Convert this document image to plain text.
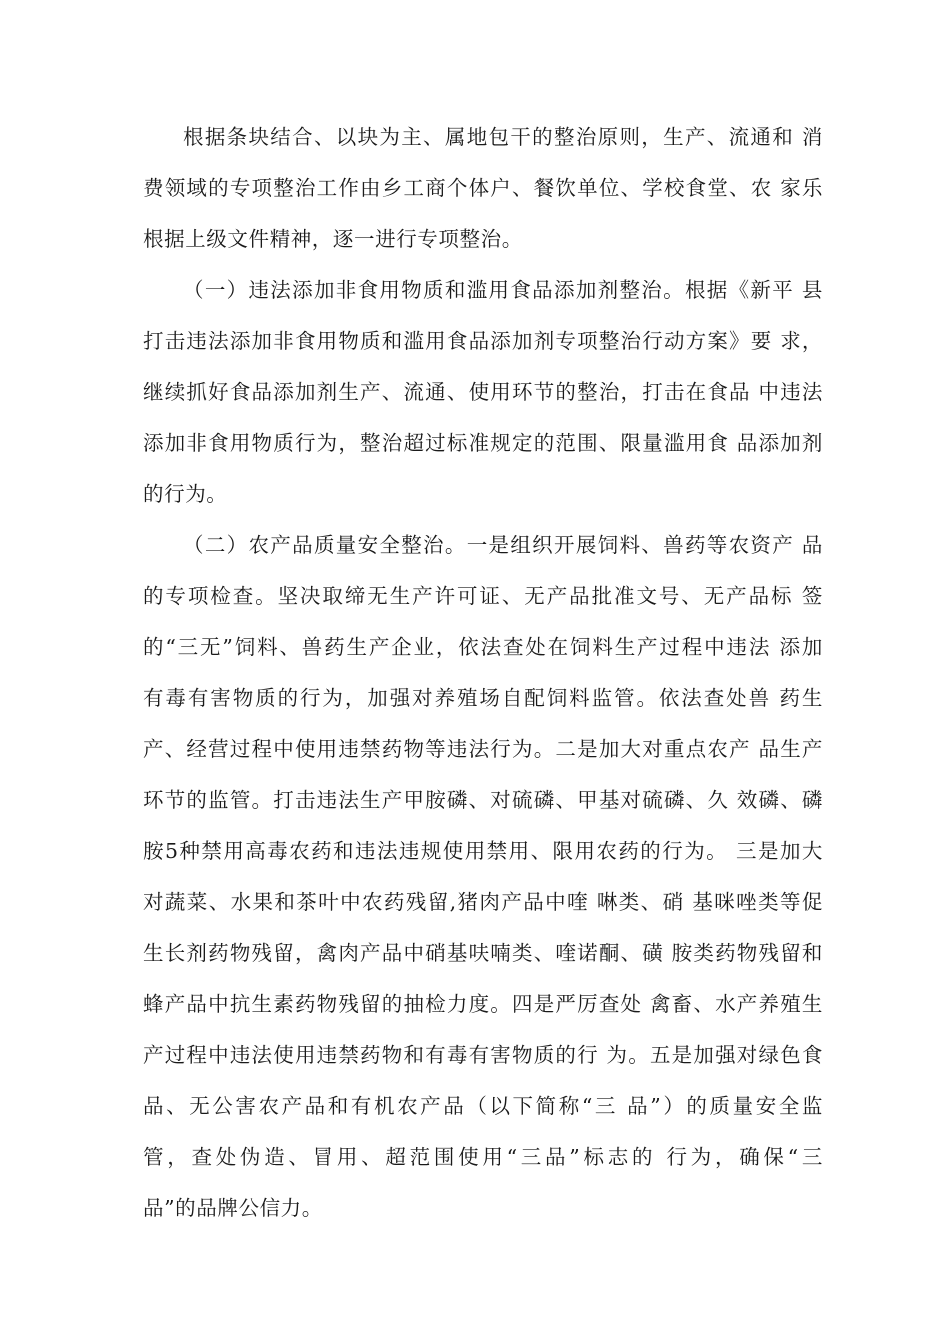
根据条块结合、以块为主、属地包干的整治原则，生产、流通和 消
费领域的专项整治工作由乡工商个体户、餐饮单位、学校食堂、农 家乐
根据上级文件精神，逐一进行专项整治。
（一）违法添加非食用物质和滥用食品添加剂整治。根据《新平 县
打击违法添加非食用物质和滥用食品添加剂专项整治行动方案》要 求，
继续抓好食品添加剂生产、流通、使用环节的整治，打击在食品 中违法
添加非食用物质行为，整治超过标准规定的范围、限量滥用食 品添加剂
的行为。
（二）农产品质量安全整治。一是组织开展饲料、兽药等农资产 品
的专项检查。坚决取缔无生产许可证、无产品批准文号、无产品标 签
的“三无”饲料、兽药生产企业，依法查处在饲料生产过程中违法 添加
有毒有害物质的行为，加强对养殖场自配饲料监管。依法查处兽 药生
产、经营过程中使用违禁药物等违法行为。二是加大对重点农产 品生产
环节的监管。打击违法生产甲胺磷、对硫磷、甲基对硫磷、久 效磷、磷
胺5种禁用高毒农药和违法违规使用禁用、限用农药的行为。 三是加大
对蔬菜、水果和茶叶中农药残留,猪肉产品中喹 啉类、硝 基咪唑类等促
生长剂药物残留，禽肉产品中硝基呋喃类、喹诺酮、磺 胺类药物残留和
蜂产品中抗生素药物残留的抽检力度。四是严厉查处 禽畜、水产养殖生
产过程中违法使用违禁药物和有毒有害物质的行 为。五是加强对绿色食
品、无公害农产品和有机农产品（以下简称“三 品”）的质量安全监
管，查处伪造、冒用、超范围使用“三品”标志的 行为，确保“三
品”的品牌公信力。
